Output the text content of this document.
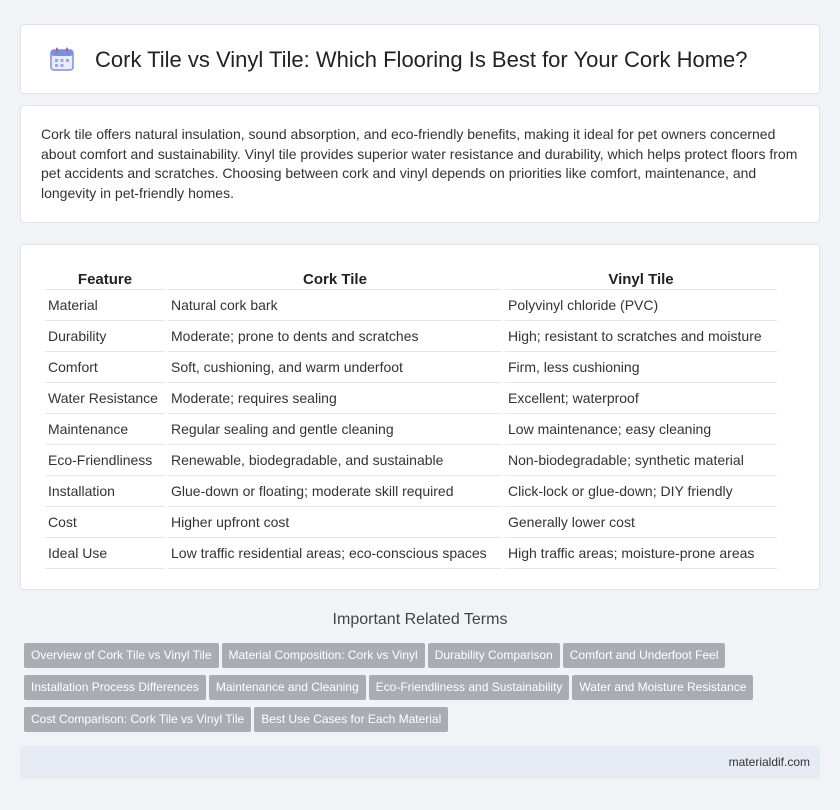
Cork Tile vs Vinyl Tile: Which Flooring Is Best for Your Cork Home?

Cork tile offers natural insulation, sound absorption, and eco-friendly benefits, making it ideal for pet owners concerned about comfort and sustainability. Vinyl tile provides superior water resistance and durability, which helps protect floors from pet accidents and scratches. Choosing between cork and vinyl depends on priorities like comfort, maintenance, and longevity in pet-friendly homes.

Feature	Cork Tile	Vinyl Tile
Material	Natural cork bark	Polyvinyl chloride (PVC)
Durability	Moderate; prone to dents and scratches	High; resistant to scratches and moisture
Comfort	Soft, cushioning, and warm underfoot	Firm, less cushioning
Water Resistance	Moderate; requires sealing	Excellent; waterproof
Maintenance	Regular sealing and gentle cleaning	Low maintenance; easy cleaning
Eco-Friendliness	Renewable, biodegradable, and sustainable	Non-biodegradable; synthetic material
Installation	Glue-down or floating; moderate skill required	Click-lock or glue-down; DIY friendly
Cost	Higher upfront cost	Generally lower cost
Ideal Use	Low traffic residential areas; eco-conscious spaces	High traffic areas; moisture-prone areas
Important Related Terms
Overview of Cork Tile vs Vinyl Tile Material Composition: Cork vs Vinyl Durability Comparison Comfort and Underfoot FeelInstallation Process Differences Maintenance and Cleaning Eco-Friendliness and Sustainability Water and Moisture ResistanceCost Comparison: Cork Tile vs Vinyl Tile Best Use Cases for Each Material
materialdif.com
